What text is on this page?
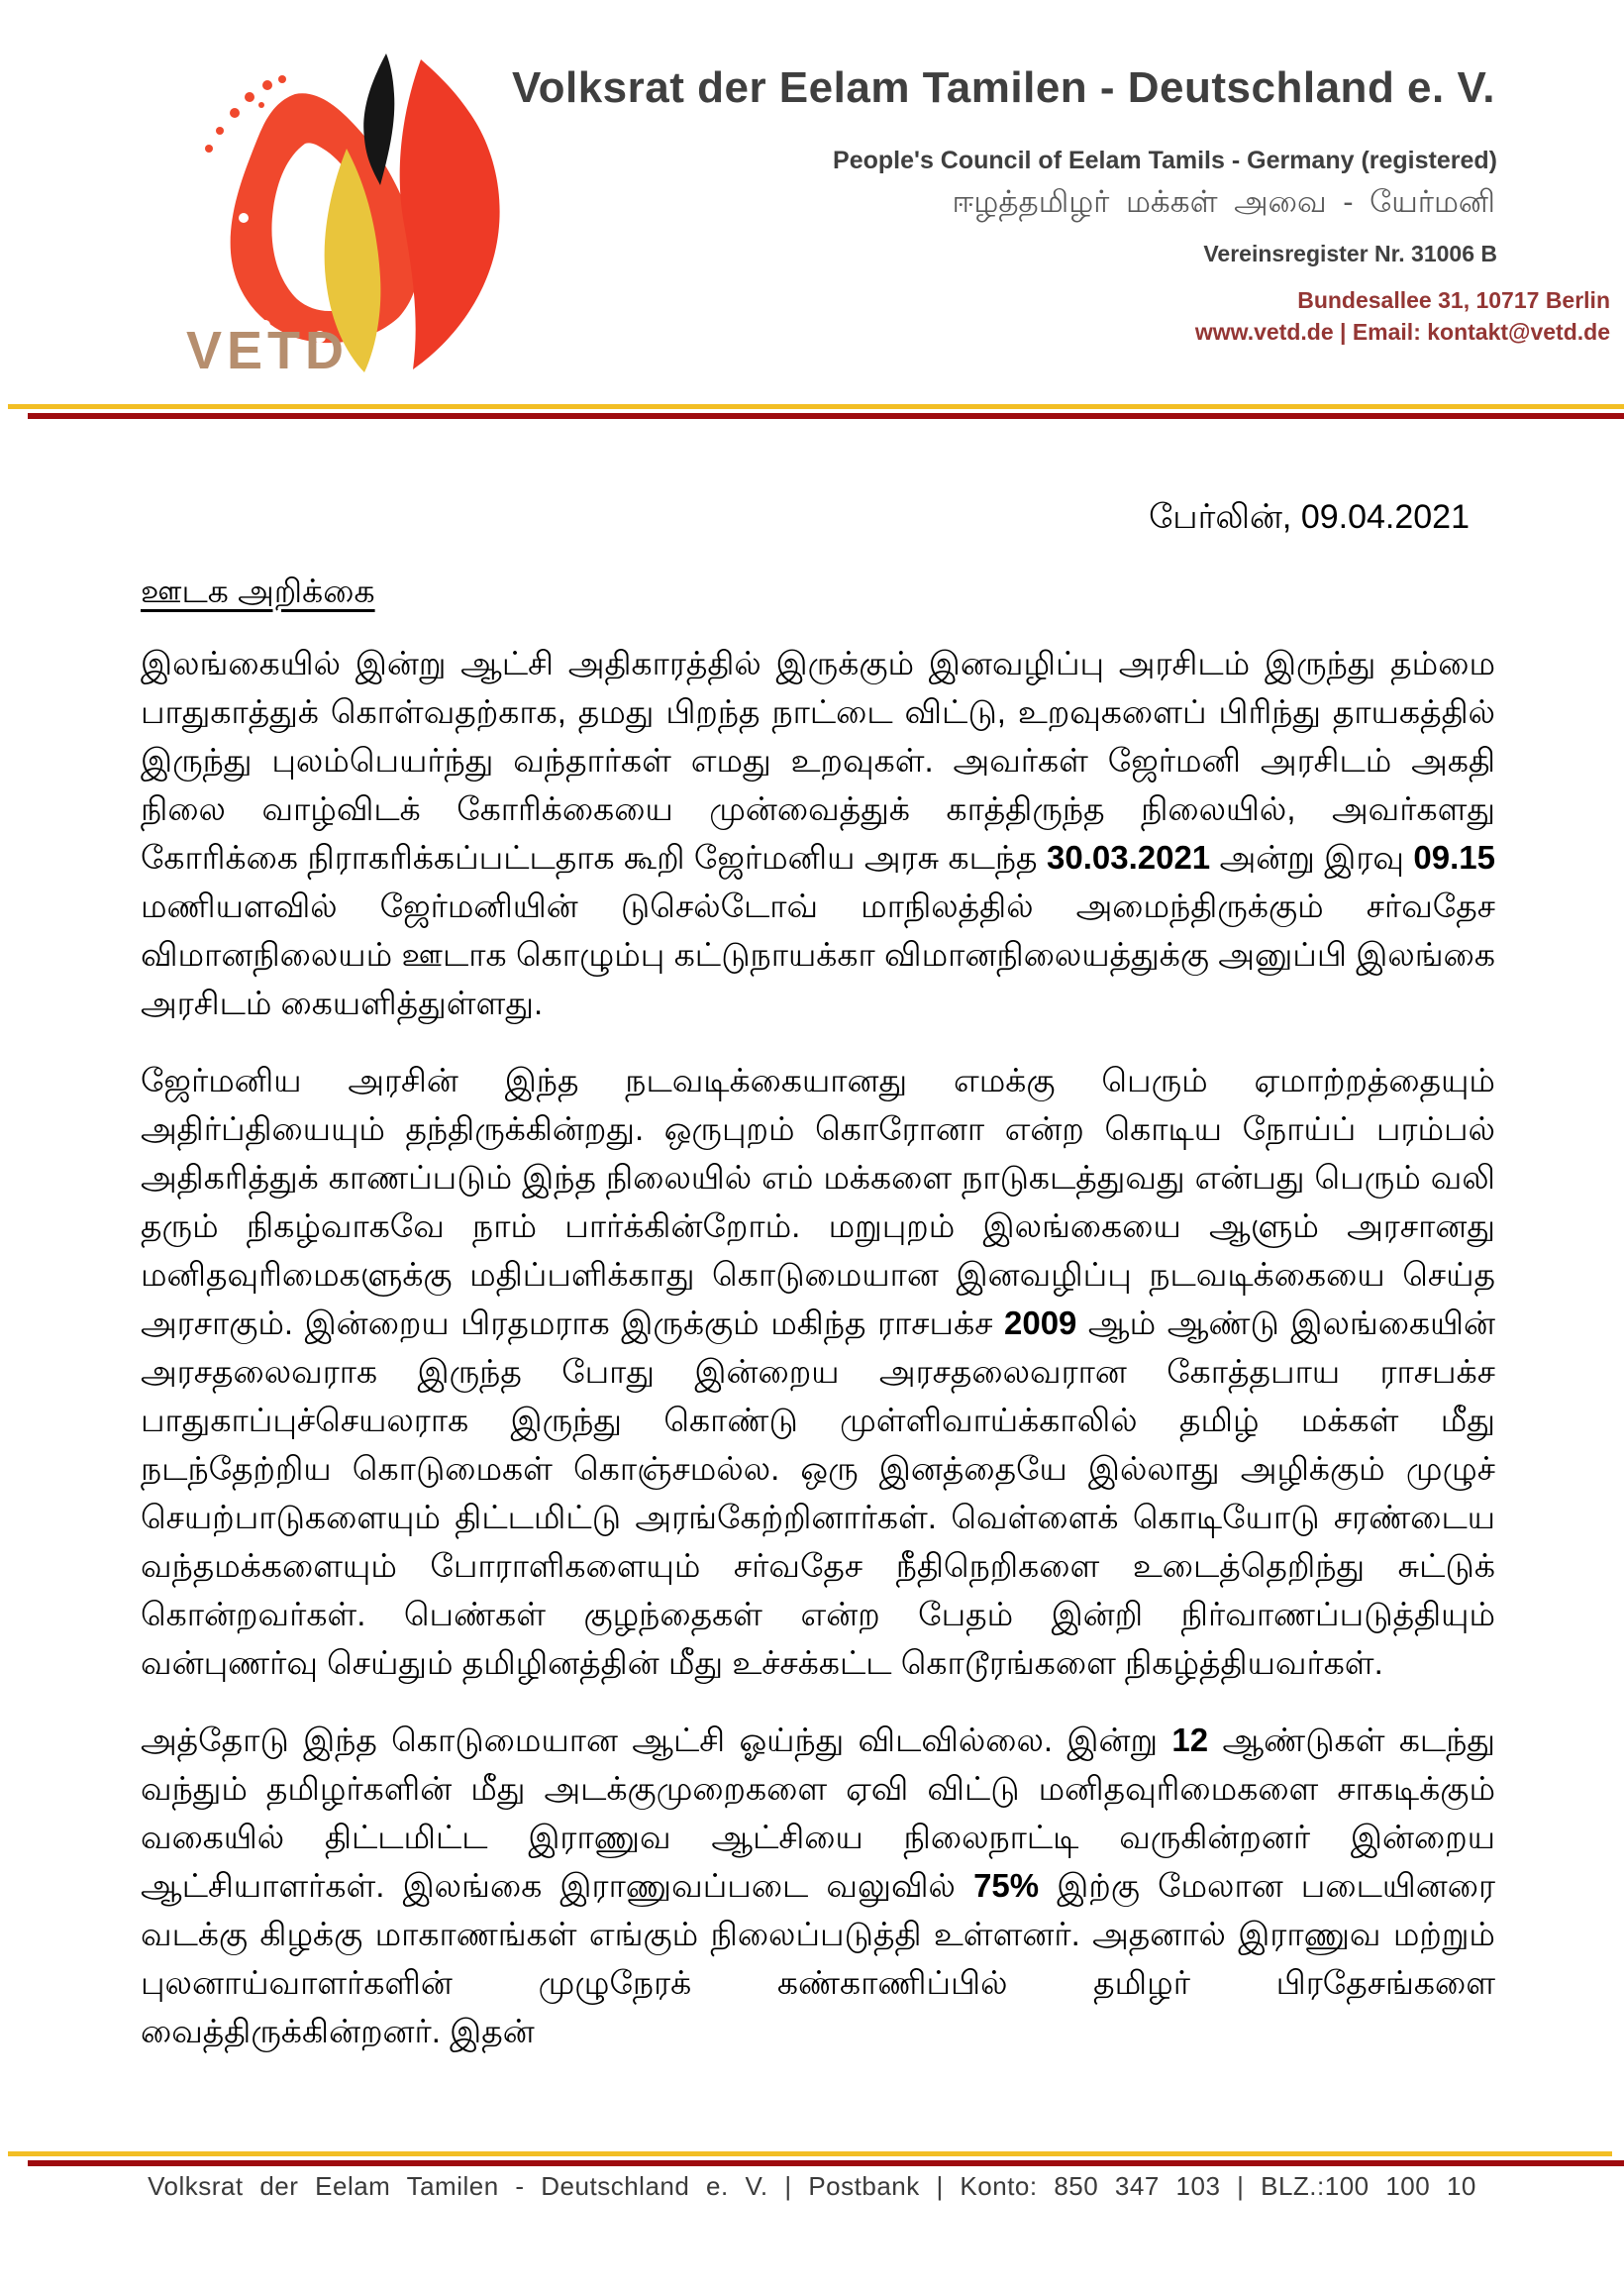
VETD
Volksrat der Eelam Tamilen - Deutschland e. V.
People's Council of Eelam Tamils - Germany (registered)
ஈழத்தமிழர் மக்கள் அவை - யேர்மனி
Vereinsregister Nr. 31006 B
Bundesallee 31, 10717 Berlin
www.vetd.de | Email: kontakt@vetd.de
பேர்லின், 09.04.2021
ஊடக அறிக்கை

இலங்கையில் இன்று ஆட்சி அதிகாரத்தில் இருக்கும் இனவழிப்பு அரசிடம் இருந்து தம்மை பாதுகாத்துக் கொள்வதற்காக, தமது பிறந்த நாட்டை விட்டு, உறவுகளைப் பிரிந்து தாயகத்தில் இருந்து புலம்பெயர்ந்து வந்தார்கள் எமது உறவுகள். அவர்கள் ஜேர்மனி அரசிடம் அகதி நிலை வாழ்விடக் கோரிக்கையை முன்வைத்துக் காத்திருந்த நிலையில், அவர்களது கோரிக்கை நிராகரிக்கப்பட்டதாக கூறி ஜேர்மனிய அரசு கடந்த 30.03.2021 அன்று இரவு 09.15 மணியளவில் ஜேர்மனியின் டுசெல்டோவ் மாநிலத்தில் அமைந்திருக்கும் சர்வதேச விமானநிலையம் ஊடாக கொழும்பு கட்டுநாயக்கா விமானநிலையத்துக்கு அனுப்பி இலங்கை அரசிடம் கையளித்துள்ளது.

ஜேர்மனிய அரசின் இந்த நடவடிக்கையானது எமக்கு பெரும் ஏமாற்றத்தையும் அதிர்ப்தியையும் தந்திருக்கின்றது. ஒருபுறம் கொரோனா என்ற கொடிய நோய்ப் பரம்பல் அதிகரித்துக் காணப்படும் இந்த நிலையில் எம் மக்களை நாடுகடத்துவது என்பது பெரும் வலி தரும் நிகழ்வாகவே நாம் பார்க்கின்றோம். மறுபுறம் இலங்கையை ஆளும் அரசானது மனிதவுரிமைகளுக்கு மதிப்பளிக்காது கொடுமையான இனவழிப்பு நடவடிக்கையை செய்த அரசாகும். இன்றைய பிரதமராக இருக்கும் மகிந்த ராசபக்ச 2009 ஆம் ஆண்டு இலங்கையின் அரசதலைவராக இருந்த போது இன்றைய அரசதலைவரான கோத்தபாய ராசபக்ச பாதுகாப்புச்செயலராக இருந்து கொண்டு முள்ளிவாய்க்காலில் தமிழ் மக்கள் மீது நடந்தேற்றிய கொடுமைகள் கொஞ்சமல்ல. ஒரு இனத்தையே இல்லாது அழிக்கும் முழுச் செயற்பாடுகளையும் திட்டமிட்டு அரங்கேற்றினார்கள். வெள்ளைக் கொடியோடு சரண்டைய வந்தமக்களையும் போராளிகளையும் சர்வதேச நீதிநெறிகளை உடைத்தெறிந்து சுட்டுக் கொன்றவர்கள். பெண்கள் குழந்தைகள் என்ற பேதம் இன்றி நிர்வாணப்படுத்தியும் வன்புணர்வு செய்தும் தமிழினத்தின் மீது உச்சக்கட்ட கொடூரங்களை நிகழ்த்தியவர்கள்.

அத்தோடு இந்த கொடுமையான ஆட்சி ஓய்ந்து விடவில்லை. இன்று 12 ஆண்டுகள் கடந்து வந்தும் தமிழர்களின் மீது அடக்குமுறைகளை ஏவி விட்டு மனிதவுரிமைகளை சாகடிக்கும் வகையில் திட்டமிட்ட இராணுவ ஆட்சியை நிலைநாட்டி வருகின்றனர் இன்றைய ஆட்சியாளர்கள். இலங்கை இராணுவப்படை வலுவில் 75% இற்கு மேலான படையினரை வடக்கு கிழக்கு மாகாணங்கள் எங்கும் நிலைப்படுத்தி உள்ளனர். அதனால் இராணுவ மற்றும் புலனாய்வாளர்களின் முழுநேரக் கண்காணிப்பில் தமிழர் பிரதேசங்களை வைத்திருக்கின்றனர். இதன்

Volksrat der Eelam Tamilen - Deutschland e. V. | Postbank | Konto: 850 347 103 | BLZ.:100 100 10
